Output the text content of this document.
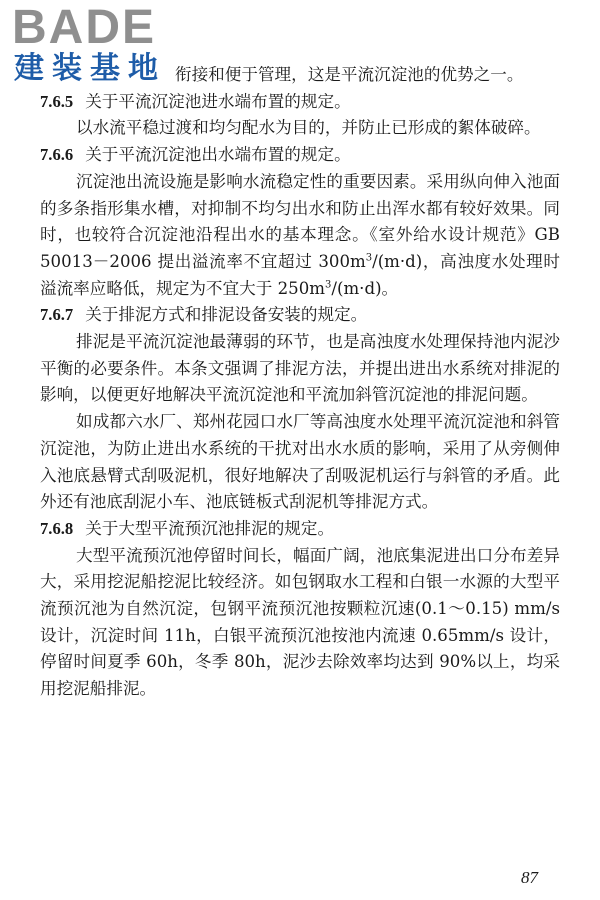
BADE
建装基地 衔接和便于管理，这是平流沉淀池的优势之一。

7.6.5 关于平流沉淀池进水端布置的规定。

以水流平稳过渡和均匀配水为目的，并防止已形成的絮体破碎。

7.6.6 关于平流沉淀池出水端布置的规定。

沉淀池出流设施是影响水流稳定性的重要因素。采用纵向伸入池面的多条指形集水槽，对抑制不均匀出水和防止出浑水都有较好效果。同时，也较符合沉淀池沿程出水的基本理念。《室外给水设计规范》GB 50013－2006 提出溢流率不宜超过 $300m^3/(m\cdot d)$，高浊度水处理时溢流率应略低，规定为不宜大于 $250m^3/(m\cdot d)$。

7.6.7 关于排泥方式和排泥设备安装的规定。

排泥是平流沉淀池最薄弱的环节，也是高浊度水处理保持池内泥沙平衡的必要条件。本条文强调了排泥方法，并提出进出水系统对排泥的影响，以便更好地解决平流沉淀池和平流加斜管沉淀池的排泥问题。

如成都六水厂、郑州花园口水厂等高浊度水处理平流沉淀池和斜管沉淀池，为防止进出水系统的干扰对出水水质的影响，采用了从旁侧伸入池底悬臂式刮吸泥机，很好地解决了刮吸泥机运行与斜管的矛盾。此外还有池底刮泥小车、池底链板式刮泥机等排泥方式。

7.6.8 关于大型平流预沉池排泥的规定。

大型平流预沉池停留时间长，幅面广阔，池底集泥进出口分布差异大，采用挖泥船挖泥比较经济。如包钢取水工程和白银一水源的大型平流预沉池为自然沉淀，包钢平流预沉池按颗粒沉速(0.1～0.15) mm/s 设计，沉淀时间 11h，白银平流预沉池按池内流速 0.65mm/s 设计，停留时间夏季 60h，冬季 80h，泥沙去除效率均达到 90%以上，均采用挖泥船排泥。

87
